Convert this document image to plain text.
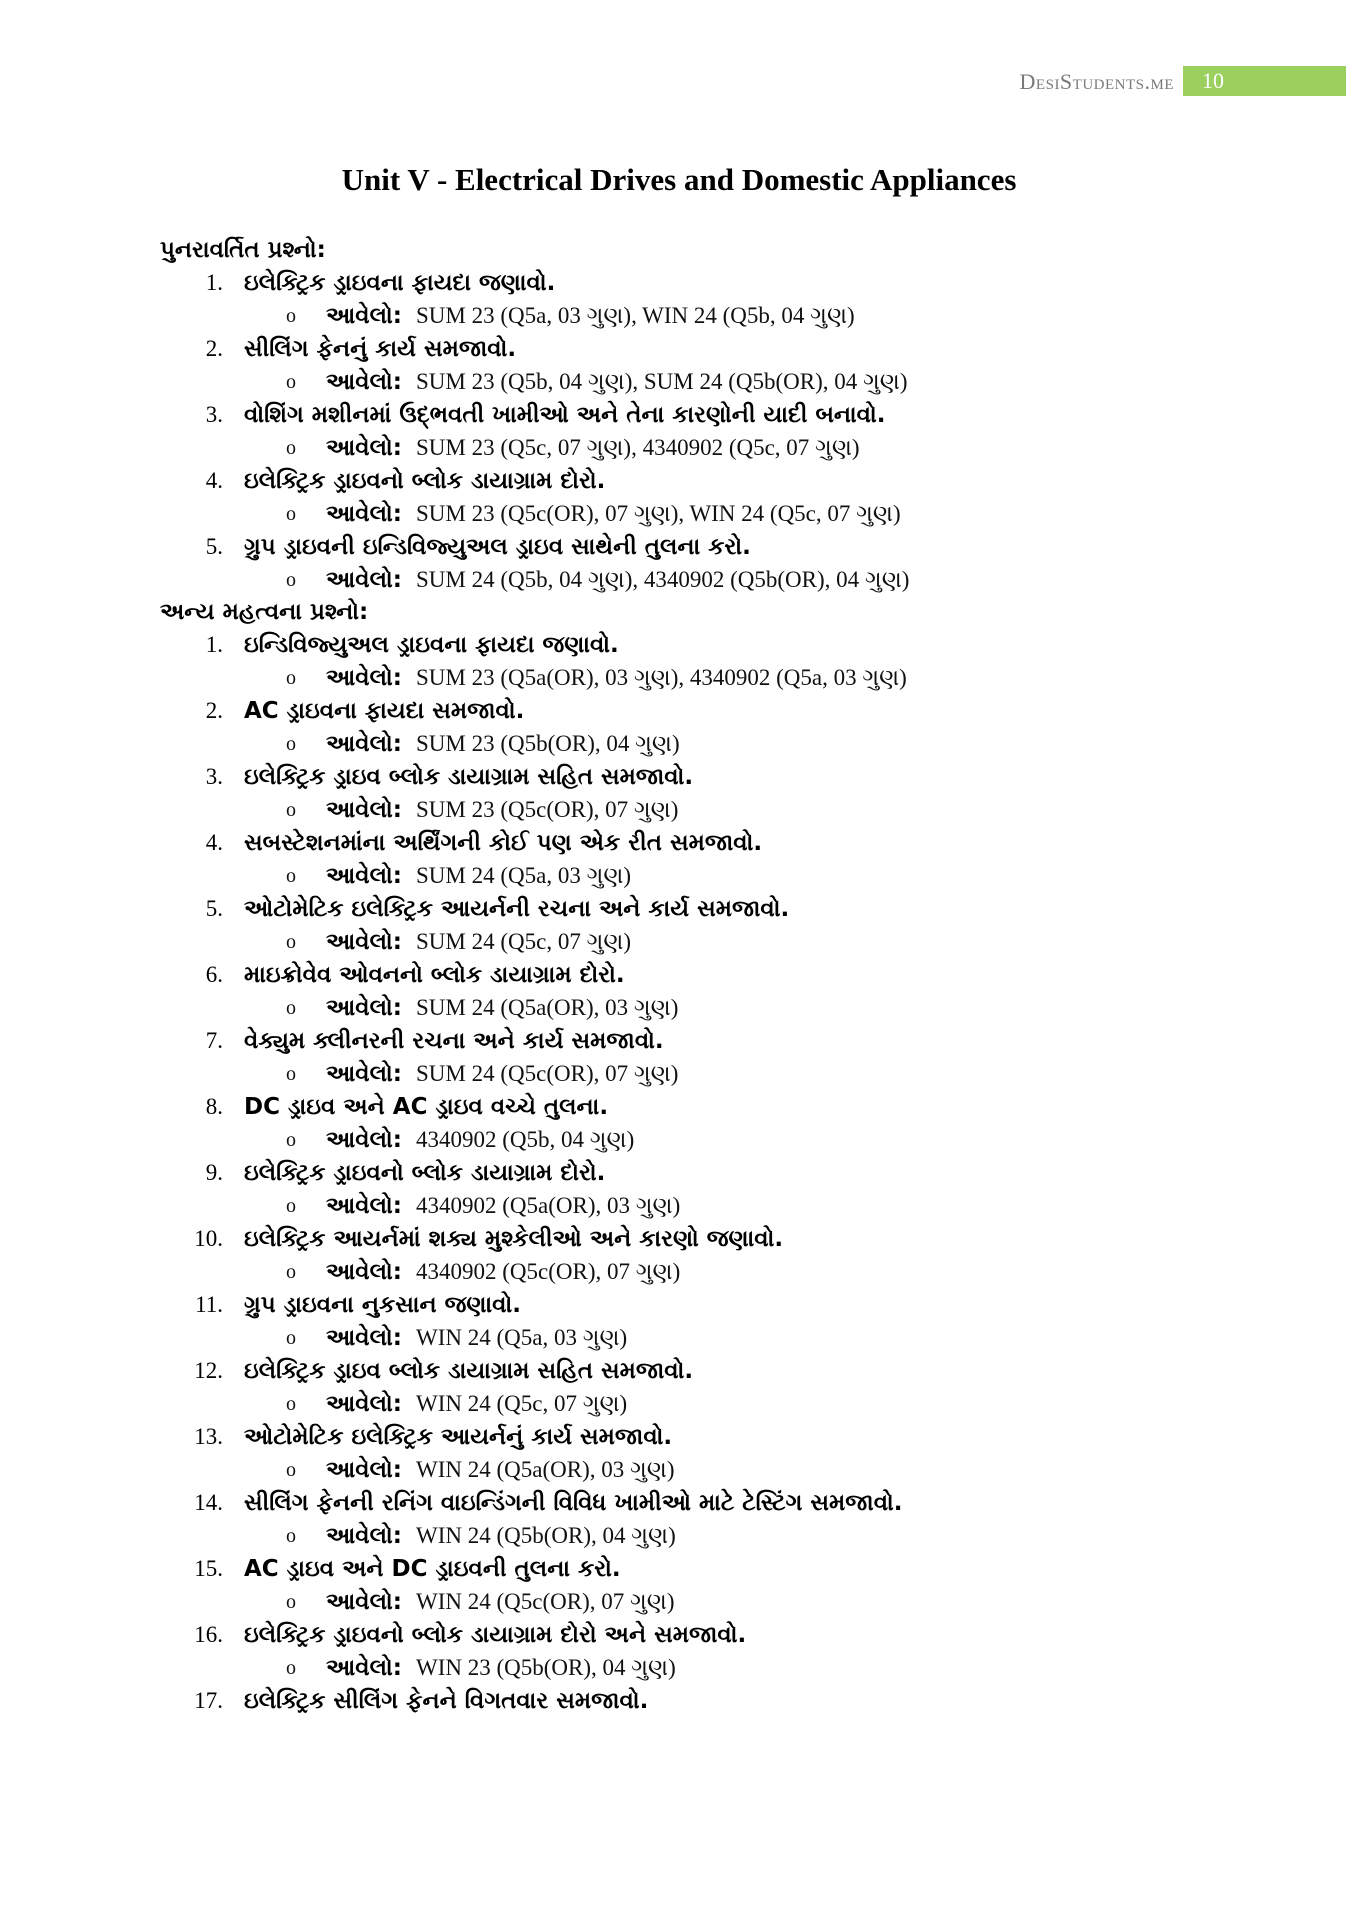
DesiStudents.me	10
Unit V - Electrical Drives and Domestic Appliances
પુનરાવર્તિત પ્રશ્નો:
1. ઇલેક્ટ્રિક ડ્રાઇવના ફાયદા જણાવો.
o આવેલો: SUM 23 (Q5a, 03 ગુણ), WIN 24 (Q5b, 04 ગુણ)
2. સીલિંગ ફેનનું કાર્ય સમજાવો.
o આવેલો: SUM 23 (Q5b, 04 ગુણ), SUM 24 (Q5b(OR), 04 ગુણ)
3. વોશિંગ મશીનમાં ઉદ્ભવતી ખામીઓ અને તેના કારણોની યાદી બનાવો.
o આવેલો: SUM 23 (Q5c, 07 ગુણ), 4340902 (Q5c, 07 ગુણ)
4. ઇલેક્ટ્રિક ડ્રાઇવનો બ્લોક ડાયાગ્રામ દોરો.
o આવેલો: SUM 23 (Q5c(OR), 07 ગુણ), WIN 24 (Q5c, 07 ગુણ)
5. ગ્રુપ ડ્રાઇવની ઇન્ડિવિજ્યુઅલ ડ્રાઇવ સાથેની તુલના કરો.
o આવેલો: SUM 24 (Q5b, 04 ગુણ), 4340902 (Q5b(OR), 04 ગુણ)
અન્ય મહત્વના પ્રશ્નો:
1. ઇન્ડિવિજ્યુઅલ ડ્રાઇવના ફાયદા જણાવો.
o આવેલો: SUM 23 (Q5a(OR), 03 ગુણ), 4340902 (Q5a, 03 ગુણ)
2. AC ડ્રાઇવના ફાયદા સમજાવો.
o આવેલો: SUM 23 (Q5b(OR), 04 ગુણ)
3. ઇલેક્ટ્રિક ડ્રાઇવ બ્લોક ડાયાગ્રામ સહિત સમજાવો.
o આવેલો: SUM 23 (Q5c(OR), 07 ગુણ)
4. સબસ્ટેશનમાંના અર્થિંગની કોઈ પણ એક રીત સમજાવો.
o આવેલો: SUM 24 (Q5a, 03 ગુણ)
5. ઓટોમેટિક ઇલેક્ટ્રિક આયર્નની રચના અને કાર્ય સમજાવો.
o આવેલો: SUM 24 (Q5c, 07 ગુણ)
6. માઇક્રોવેવ ઓવનનો બ્લોક ડાયાગ્રામ દોરો.
o આવેલો: SUM 24 (Q5a(OR), 03 ગુણ)
7. વેક્યુમ ક્લીનરની રચના અને કાર્ય સમજાવો.
o આવેલો: SUM 24 (Q5c(OR), 07 ગુણ)
8. DC ડ્રાઇવ અને AC ડ્રાઇવ વચ્ચે તુલના.
o આવેલો: 4340902 (Q5b, 04 ગુણ)
9. ઇલેક્ટ્રિક ડ્રાઇવનો બ્લોક ડાયાગ્રામ દોરો.
o આવેલો: 4340902 (Q5a(OR), 03 ગુણ)
10. ઇલેક્ટ્રિક આયર્નમાં શક્ય મુશ્કેલીઓ અને કારણો જણાવો.
o આવેલો: 4340902 (Q5c(OR), 07 ગુણ)
11. ગ્રુપ ડ્રાઇવના નુકસાન જણાવો.
o આવેલો: WIN 24 (Q5a, 03 ગુણ)
12. ઇલેક્ટ્રિક ડ્રાઇવ બ્લોક ડાયાગ્રામ સહિત સમજાવો.
o આવેલો: WIN 24 (Q5c, 07 ગુણ)
13. ઓટોમેટિક ઇલેક્ટ્રિક આયર્નનું કાર્ય સમજાવો.
o આવેલો: WIN 24 (Q5a(OR), 03 ગુણ)
14. સીલિંગ ફેનની રનિંગ વાઇન્ડિંગની વિવિધ ખામીઓ માટે ટેસ્ટિંગ સમજાવો.
o આવેલો: WIN 24 (Q5b(OR), 04 ગુણ)
15. AC ડ્રાઇવ અને DC ડ્રાઇવની તુલના કરો.
o આવેલો: WIN 24 (Q5c(OR), 07 ગુણ)
16. ઇલેક્ટ્રિક ડ્રાઇવનો બ્લોક ડાયાગ્રામ દોરો અને સમજાવો.
o આવેલો: WIN 23 (Q5b(OR), 04 ગુણ)
17. ઇલેક્ટ્રિક સીલિંગ ફેનને વિગતવાર સમજાવો.
